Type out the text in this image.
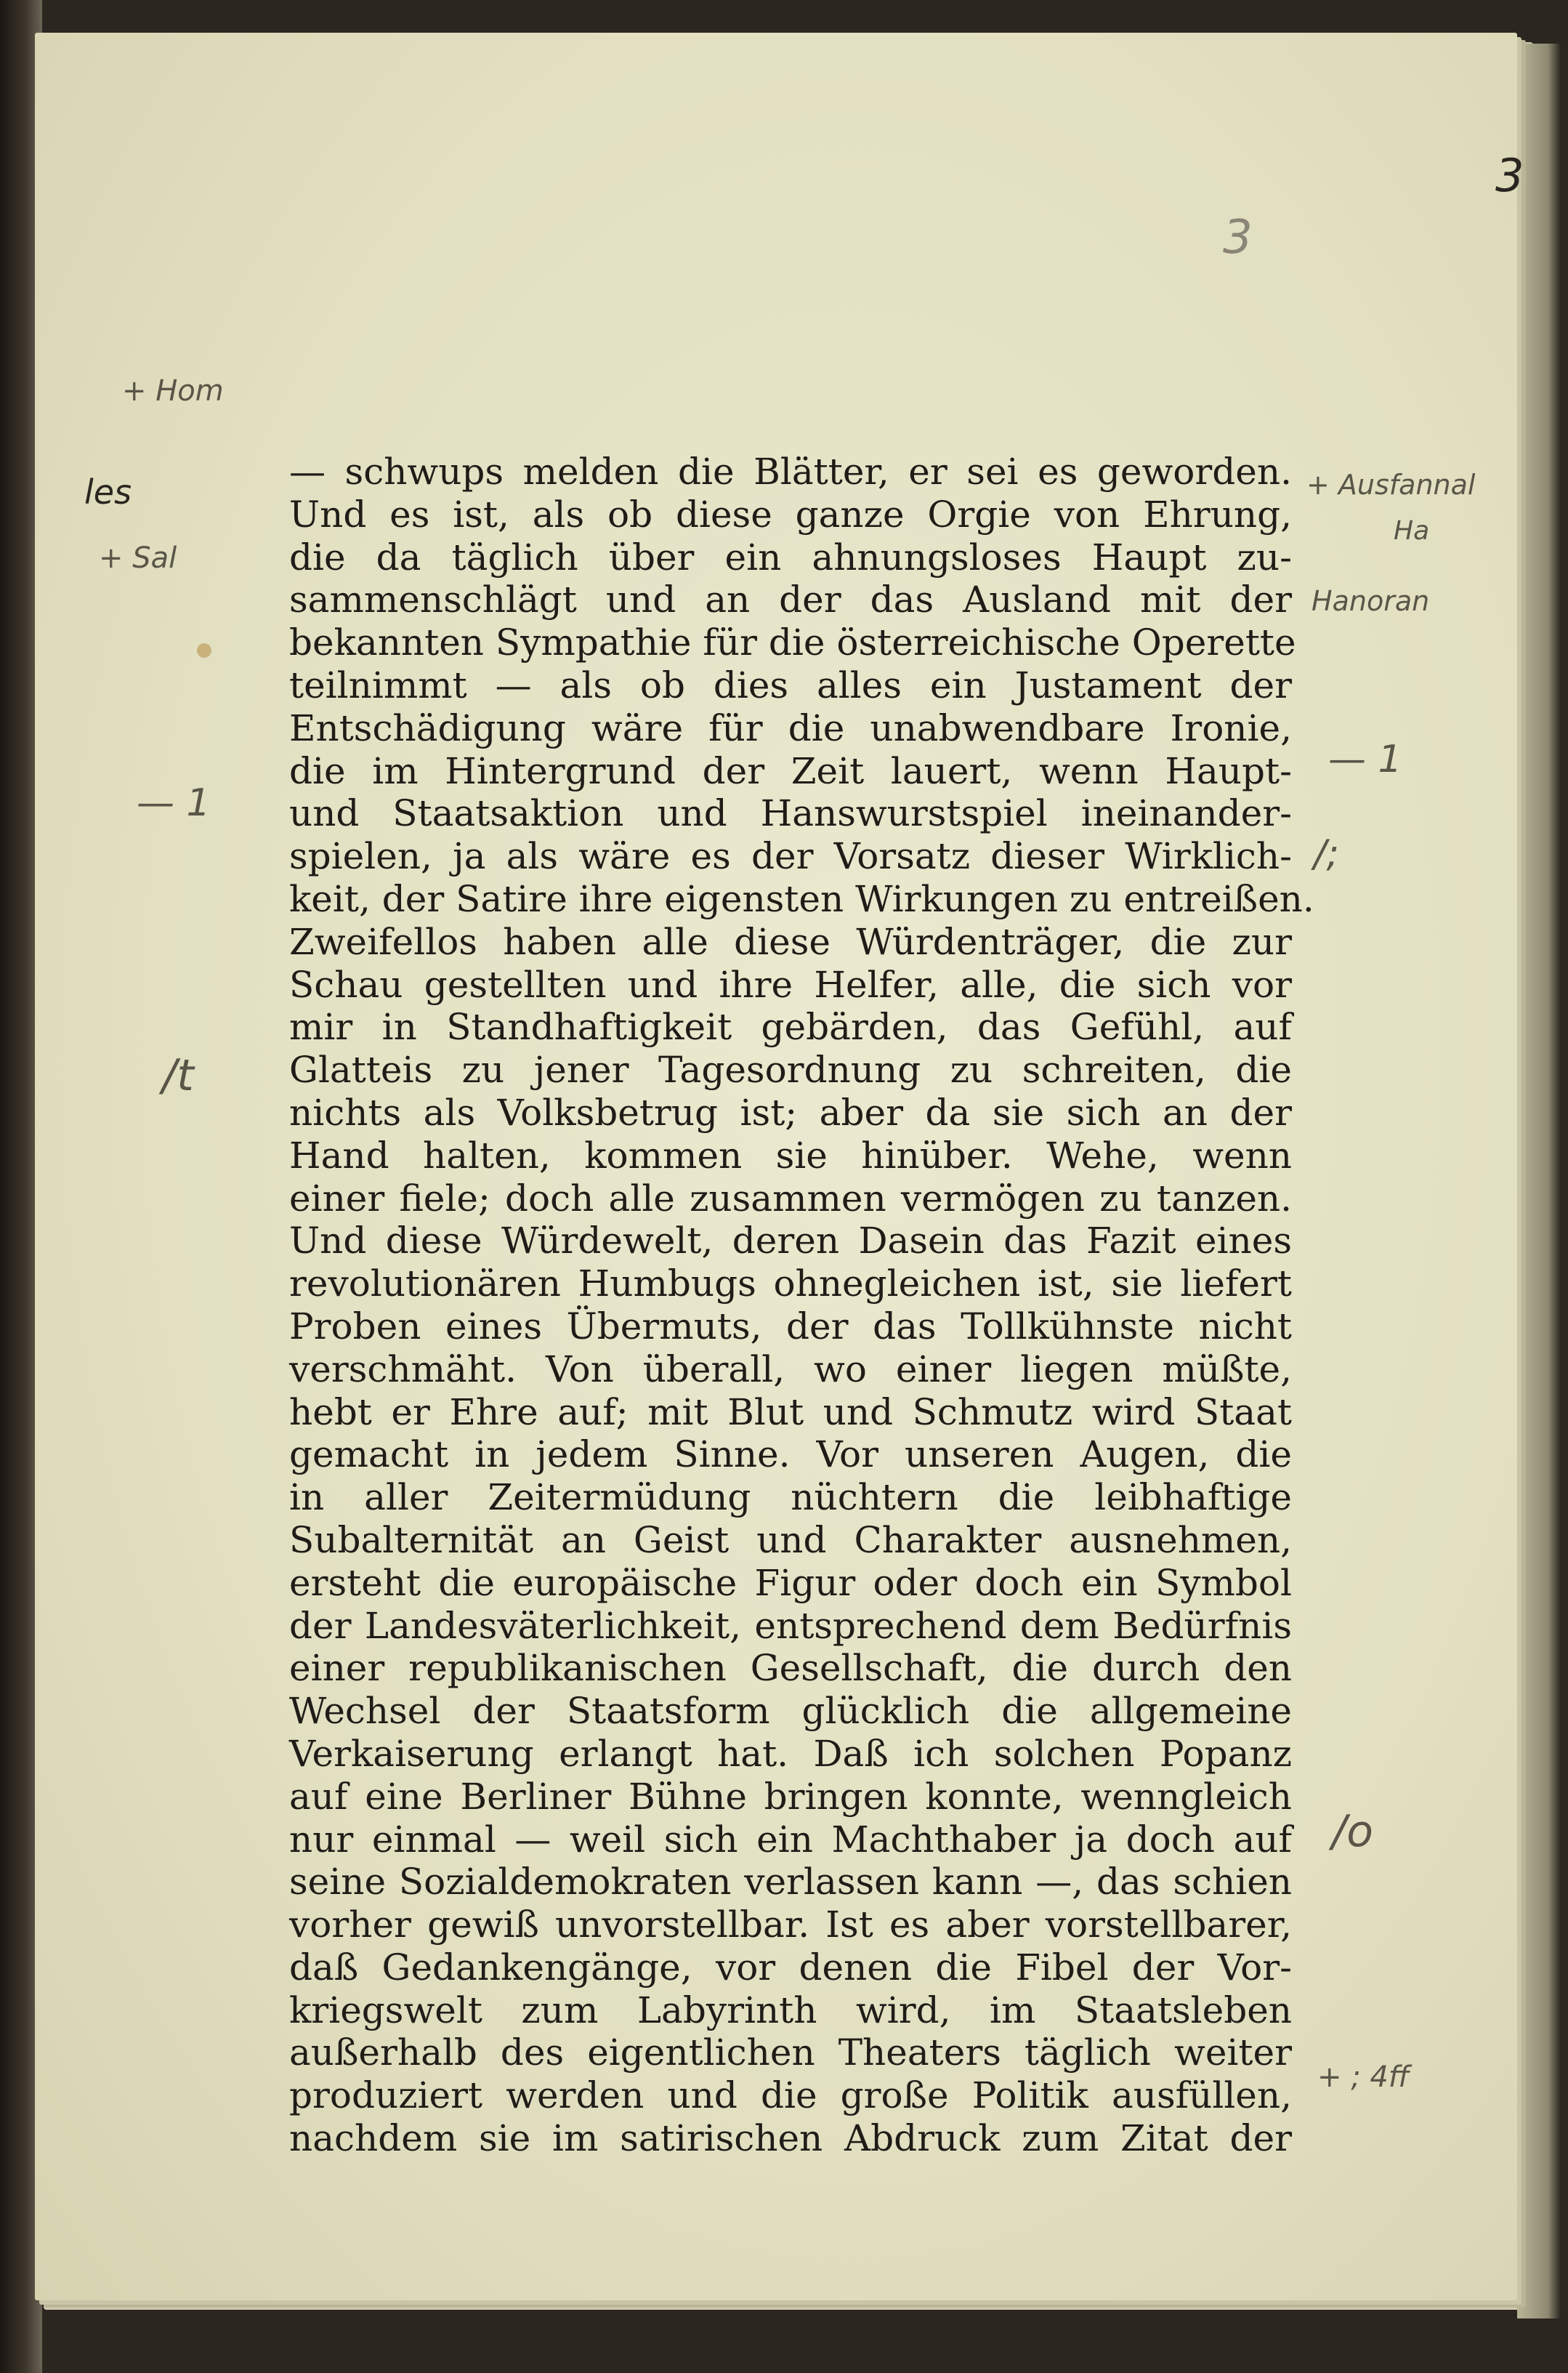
3
3
+ Hom
les
+ Sal
+ Ausfannal
Ha
Hanoran
— 1
— 1
/;
/t
/o
+ ; 4ff
— schwups melden die Blätter, er sei es geworden.
Und es ist, als ob diese ganze Orgie von Ehrung,
die da täglich über ein ahnungsloses Haupt zu-
sammenschlägt und an der das Ausland mit der
bekannten Sympathie für die österreichische Operette
teilnimmt — als ob dies alles ein Justament der
Entschädigung wäre für die unabwendbare Ironie,
die im Hintergrund der Zeit lauert, wenn Haupt-
und Staatsaktion und Hanswurstspiel ineinander-
spielen, ja als wäre es der Vorsatz dieser Wirklich-
keit, der Satire ihre eigensten Wirkungen zu entreißen.
Zweifellos haben alle diese Würdenträger, die zur
Schau gestellten und ihre Helfer, alle, die sich vor
mir in Standhaftigkeit gebärden, das Gefühl, auf
Glatteis zu jener Tagesordnung zu schreiten, die
nichts als Volksbetrug ist; aber da sie sich an der
Hand halten, kommen sie hinüber. Wehe, wenn
einer fiele; doch alle zusammen vermögen zu tanzen.
Und diese Würdewelt, deren Dasein das Fazit eines
revolutionären Humbugs ohnegleichen ist, sie liefert
Proben eines Übermuts, der das Tollkühnste nicht
verschmäht. Von überall, wo einer liegen müßte,
hebt er Ehre auf; mit Blut und Schmutz wird Staat
gemacht in jedem Sinne. Vor unseren Augen, die
in aller Zeitermüdung nüchtern die leibhaftige
Subalternität an Geist und Charakter ausnehmen,
ersteht die europäische Figur oder doch ein Symbol
der Landesväterlichkeit, entsprechend dem Bedürfnis
einer republikanischen Gesellschaft, die durch den
Wechsel der Staatsform glücklich die allgemeine
Verkaiserung erlangt hat. Daß ich solchen Popanz
auf eine Berliner Bühne bringen konnte, wenngleich
nur einmal — weil sich ein Machthaber ja doch auf
seine Sozialdemokraten verlassen kann —, das schien
vorher gewiß unvorstellbar. Ist es aber vorstellbarer,
daß Gedankengänge, vor denen die Fibel der Vor-
kriegswelt zum Labyrinth wird, im Staatsleben
außerhalb des eigentlichen Theaters täglich weiter
produziert werden und die große Politik ausfüllen,
nachdem sie im satirischen Abdruck zum Zitat der
